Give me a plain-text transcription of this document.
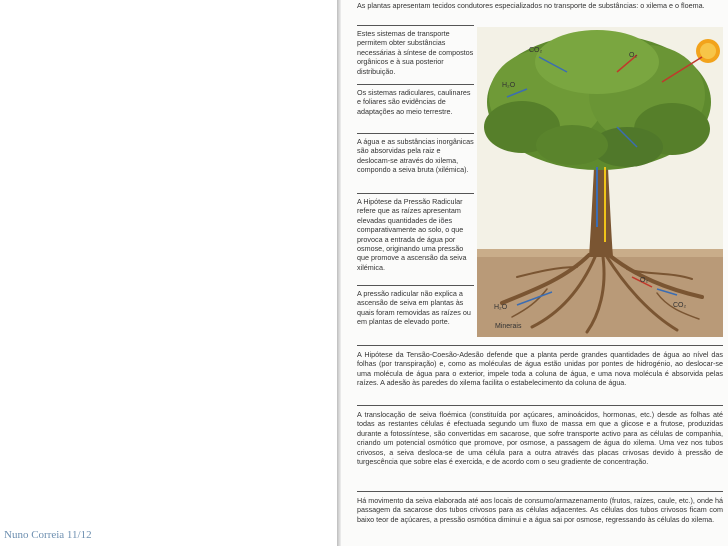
As plantas apresentam tecidos condutores especializados no transporte de substâncias: o xilema e o floema.

Estes sistemas de transporte permitem obter substâncias necessárias à síntese de compostos orgânicos e à sua posterior distribuição.

Os sistemas radiculares, caulinares e foliares são evidências de adaptações ao meio terrestre.

A água e as substâncias inorgânicas são absorvidas pela raiz e deslocam-se através do xilema, compondo a seiva bruta (xilémica).

A Hipótese da Pressão Radicular refere que as raízes apresentam elevadas quantidades de iões comparativamente ao solo, o que provoca a entrada de água por osmose, originando uma pressão que promove a ascensão da seiva xilémica.

A pressão radicular não explica a ascensão de seiva em plantas às quais foram removidas as raízes ou em plantas de elevado porte.

CO₂
O₂
H₂O
O₂
CO₂
H₂O
Minerais

A Hipótese da Tensão-Coesão-Adesão defende que a planta perde grandes quantidades de água ao nível das folhas (por transpiração) e, como as moléculas de água estão unidas por pontes de hidrogénio, ao deslocar-se uma molécula de água para o exterior, impele toda a coluna de água, e uma nova molécula é absorvida pelas raízes. A adesão às paredes do xilema facilita o estabelecimento da coluna de água.

A translocação de seiva floémica (constituída por açúcares, aminoácidos, hormonas, etc.) desde as folhas até todas as restantes células é efectuada segundo um fluxo de massa em que a glicose e a frutose, produzidas durante a fotossíntese, são convertidas em sacarose, que sofre transporte activo para as células de companhia, criando um potencial osmótico que promove, por osmose, a passagem de água do xilema. Uma vez nos tubos crivosos, a seiva desloca-se de uma célula para a outra através das placas crivosas devido à pressão de turgescência que sobre elas é exercida, e de acordo com o seu gradiente de concentração.

Há movimento da seiva elaborada até aos locais de consumo/armazenamento (frutos, raízes, caule, etc.), onde há passagem da sacarose dos tubos crivosos para as células adjacentes. As células dos tubos crivosos ficam com baixo teor de açúcares, a pressão osmótica diminui e a água sai por osmose, regressando às células do xilema.

Nuno Correia 11/12
